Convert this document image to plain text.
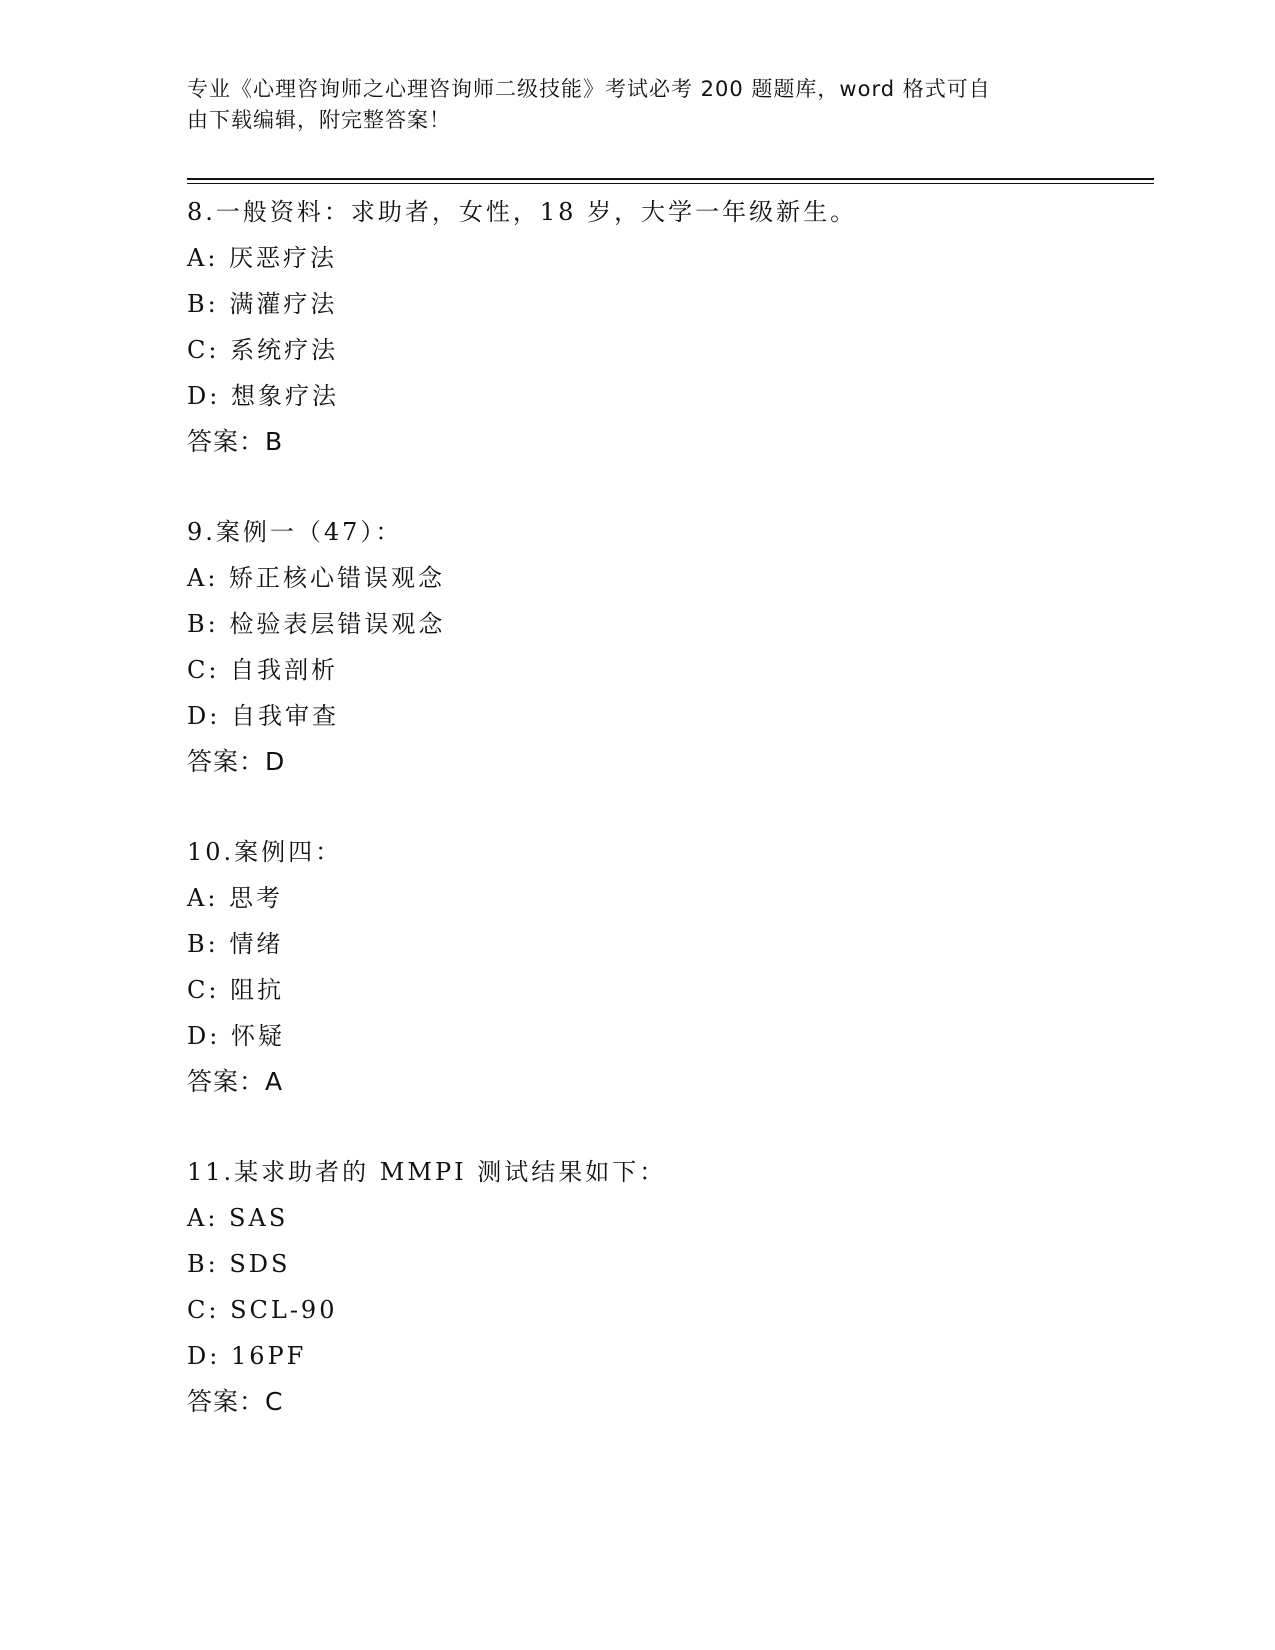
专业《心理咨询师之心理咨询师二级技能》考试必考 200 题题库，word 格式可自
由下载编辑，附完整答案！
8.一般资料：求助者，女性，18 岁，大学一年级新生。
A: 厌恶疗法
B: 满灌疗法
C: 系统疗法
D: 想象疗法
答案：B
9.案例一（47）：
A: 矫正核心错误观念
B: 检验表层错误观念
C: 自我剖析
D: 自我审查
答案：D
10.案例四：
A: 思考
B: 情绪
C: 阻抗
D: 怀疑
答案：A
11.某求助者的 MMPI 测试结果如下：
A: SAS
B: SDS
C: SCL-90
D: 16PF
答案：C
